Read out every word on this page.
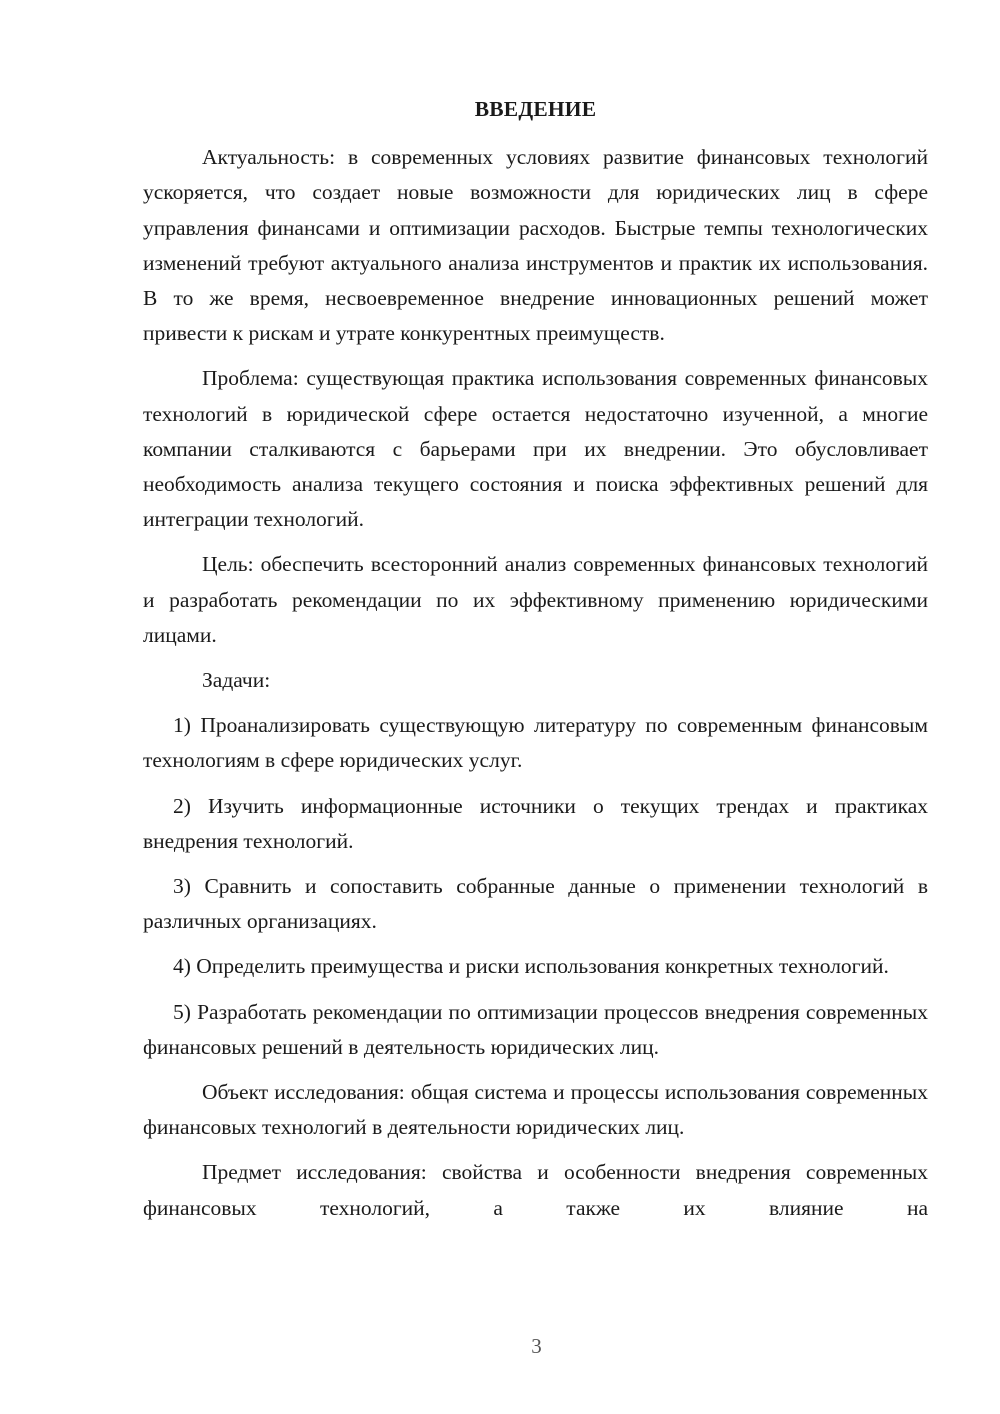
ВВЕДЕНИЕ

Актуальность: в современных условиях развитие финансовых технологий ускоряется, что создает новые возможности для юридических лиц в сфере управления финансами и оптимизации расходов. Быстрые темпы технологических изменений требуют актуального анализа инструментов и практик их использования. В то же время, несвоевременное внедрение инновационных решений может привести к рискам и утрате конкурентных преимуществ.

Проблема: существующая практика использования современных финансовых технологий в юридической сфере остается недостаточно изученной, а многие компании сталкиваются с барьерами при их внедрении. Это обусловливает необходимость анализа текущего состояния и поиска эффективных решений для интеграции технологий.

Цель: обеспечить всесторонний анализ современных финансовых технологий и разработать рекомендации по их эффективному применению юридическими лицами.

Задачи:

1) Проанализировать существующую литературу по современным финансовым технологиям в сфере юридических услуг.

2) Изучить информационные источники о текущих трендах и практиках внедрения технологий.

3) Сравнить и сопоставить собранные данные о применении технологий в различных организациях.

4) Определить преимущества и риски использования конкретных технологий.

5) Разработать рекомендации по оптимизации процессов внедрения современных финансовых решений в деятельность юридических лиц.

Объект исследования: общая система и процессы использования современных финансовых технологий в деятельности юридических лиц.

Предмет исследования: свойства и особенности внедрения современных финансовых технологий, а также их влияние на

3
